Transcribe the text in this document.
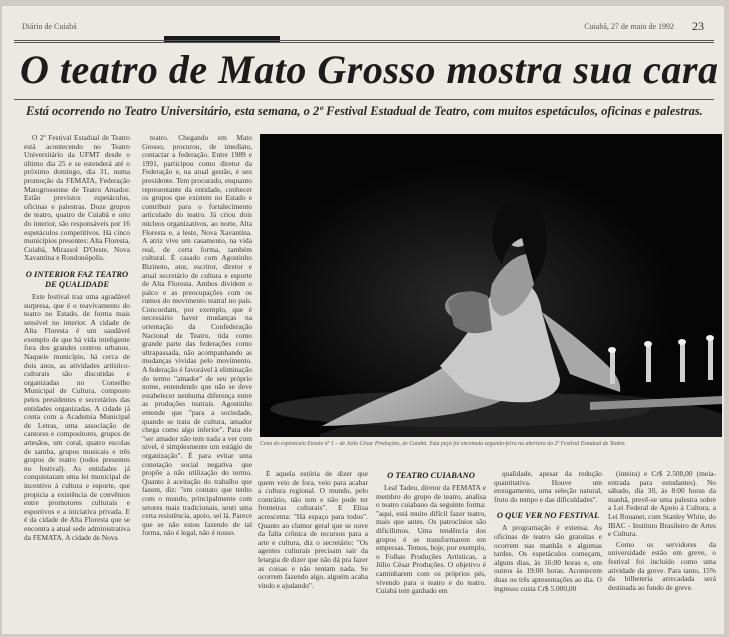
Diário de Cuiabá	Cuiabá, 27 de maio de 1992 23
O teatro de Mato Grosso mostra sua cara
Está ocorrendo no Teatro Universitário, esta semana, o 2º Festival Estadual de Teatro, com muitos espetáculos, oficinas e palestras.

O 2º Festival Estadual de Teatro está acontecendo no Teatro Universitário da UFMT desde o último dia 25 e se estenderá até o próximo domingo, dia 31, numa promoção da FEMATA, Federação Matogrossense de Teatro Amador. Estão previstos espetáculos, oficinas e palestras. Doze grupos de teatro, quatro de Cuiabá e oito do interior, são responsáveis por 16 espetáculos competitivos. Há cinco municípios presentes: Alta Floresta, Cuiabá, Mirassol D'Oeste, Nova Xavantina e Rondonópolis.

O INTERIOR FAZ TEATRO DE QUALIDADE

Este festival traz uma agradável surpresa, que é o reavivamento do teatro no Estado, de forma mais sensível no interior. A cidade de Alta Floresta é um saudável exemplo de que há vida inteligente fora dos grandes centros urbanos. Naquele município, há cerca de dois anos, as atividades artístico-culturais são discutidas e organizadas no Conselho Municipal de Cultura, composto pelos presidentes e secretários das entidades organizadas. A cidade já conta com a Academia Municipal de Letras, uma associação de cantores e compositores, grupos de artesãos, um coral, quatro escolas de samba, grupos musicais e três grupos de teatro (todos presentes no festival). As entidades já conquistaram uma lei municipal de incentivo à cultura e esporte, que propicia a existência de convênios entre promotores culturais e esportivos e a iniciativa privada. E é da cidade de Alta Floresta que se encontra a atual sede administrativa da FEMATA. A cidade de Nova

teatro. Chegando em Mato Grosso, procurou, de imediato, contactar a federação. Entre 1989 e 1991, participou como diretor da Federação e, na atual gestão, é seu presidente. Tem procurado, enquanto representante da entidade, conhecer os grupos que existem no Estado e contribuir para o fortalecimento articulado do teatro. Já criou dois núcleos organizativos, ao norte, Alta Floresta e, a leste, Nova Xavantina. A atriz vive um casamento, na vida real, de certa forma, também cultural. É casado com Agostinho Bizinoto, ator, escritor, diretor e atual secretário de cultura e esporte de Alta Floresta. Ambos dividem o palco e as preocupações com os rumos do movimento teatral no país. Concordam, por exemplo, que é necessário haver mudanças na orientação da Confederação Nacional de Teatro, tida como grande parte das federações como ultrapassada, não acompanhando as mudanças vividas pelo movimento. A federação é favorável à eliminação do termo "amador" de seu próprio nome, entendendo que não se deve estabelecer nenhuma diferença entre as produções teatrais. Agostinho entende que "para a sociedade, quando se trata de cultura, amador chega como algo inferior". Para ele "ser amador não tem nada a ver com nível, é simplesmente um estágio de organização". É para evitar uma conotação social negativa que propõe a não utilização do termo. Quanto à aceitação do trabalho que fazem, diz: "em contato que tenho com o mundo, principalmente com setores mais tradicionais, senti uma certa resistência, apoio, sei lá. Parece que se não estou fazendo de tal forma, não é legal, não é nosso.

Cena do espetáculo Ensaio nº 1 – de Júlio César Produções, de Cuiabá. Esta peça foi encenada segunda-feira na abertura do 2º Festival Estadual de Teatro.

É aquela estória de dizer que quem veio de fora, veio para acabar a cultura regional. O mundo, pelo contrário, não tem e não pode ter fronteiras culturais". E Elisa acrescenta: "Há espaço para todos". Quanto ao clamor geral que se ouve da falta crônica de recursos para a arte e cultura, diz o secretário: "Os agentes culturais precisam sair da letargia de dizer que não dá pra fazer as coisas e não tentam nada. Se ocorrem fazendo algo, alguém acaba vindo e ajudando".

O TEATRO CUIABANO

Leal Tadeu, diretor da FEMATA e membro do grupo de teatro, analisa o teatro cuiabano da seguinte forma: "aqui, está muito difícil fazer teatro, mais que antes. Os patrocínios são dificílimos. Uma tendência dos grupos é se transformarem em empresas. Temos, hoje, por exemplo, o Folhas Produções Artísticas, a Júlio César Produções. O objetivo é caminharem com os próprios pés, vivendo para o teatro e do teatro. Cuiabá tem ganhado em

qualidade, apesar da redução quantitativa. Houve um enxugamento, uma seleção natural, fruto do tempo e das dificuldades".

O QUE VER NO FESTIVAL

A programação é extensa. As oficinas de teatro são gratuitas e ocorrem nas manhãs e algumas tardes. Os espetáculos começam, alguns dias, às 16:00 horas e, em outros às 19:00 horas. Acontecem duas ou três apresentações ao dia. O ingresso custa Cr$ 5.000,00

(inteira) e Cr$ 2.500,00 (meia-entrada para estudantes). No sábado, dia 30, às 8:00 horas da manhã, prevê-se uma palestra sobre a Lei Federal de Apoio à Cultura, a Lei Rouanet, com Stanley White, do IBAC - Instituto Brasileiro de Artes e Cultura.

Como os servidores da universidade estão em greve, o festival foi incluído como uma atividade da greve. Para tanto, 15% da bilheteria arrecadada será destinada ao fundo de greve.
